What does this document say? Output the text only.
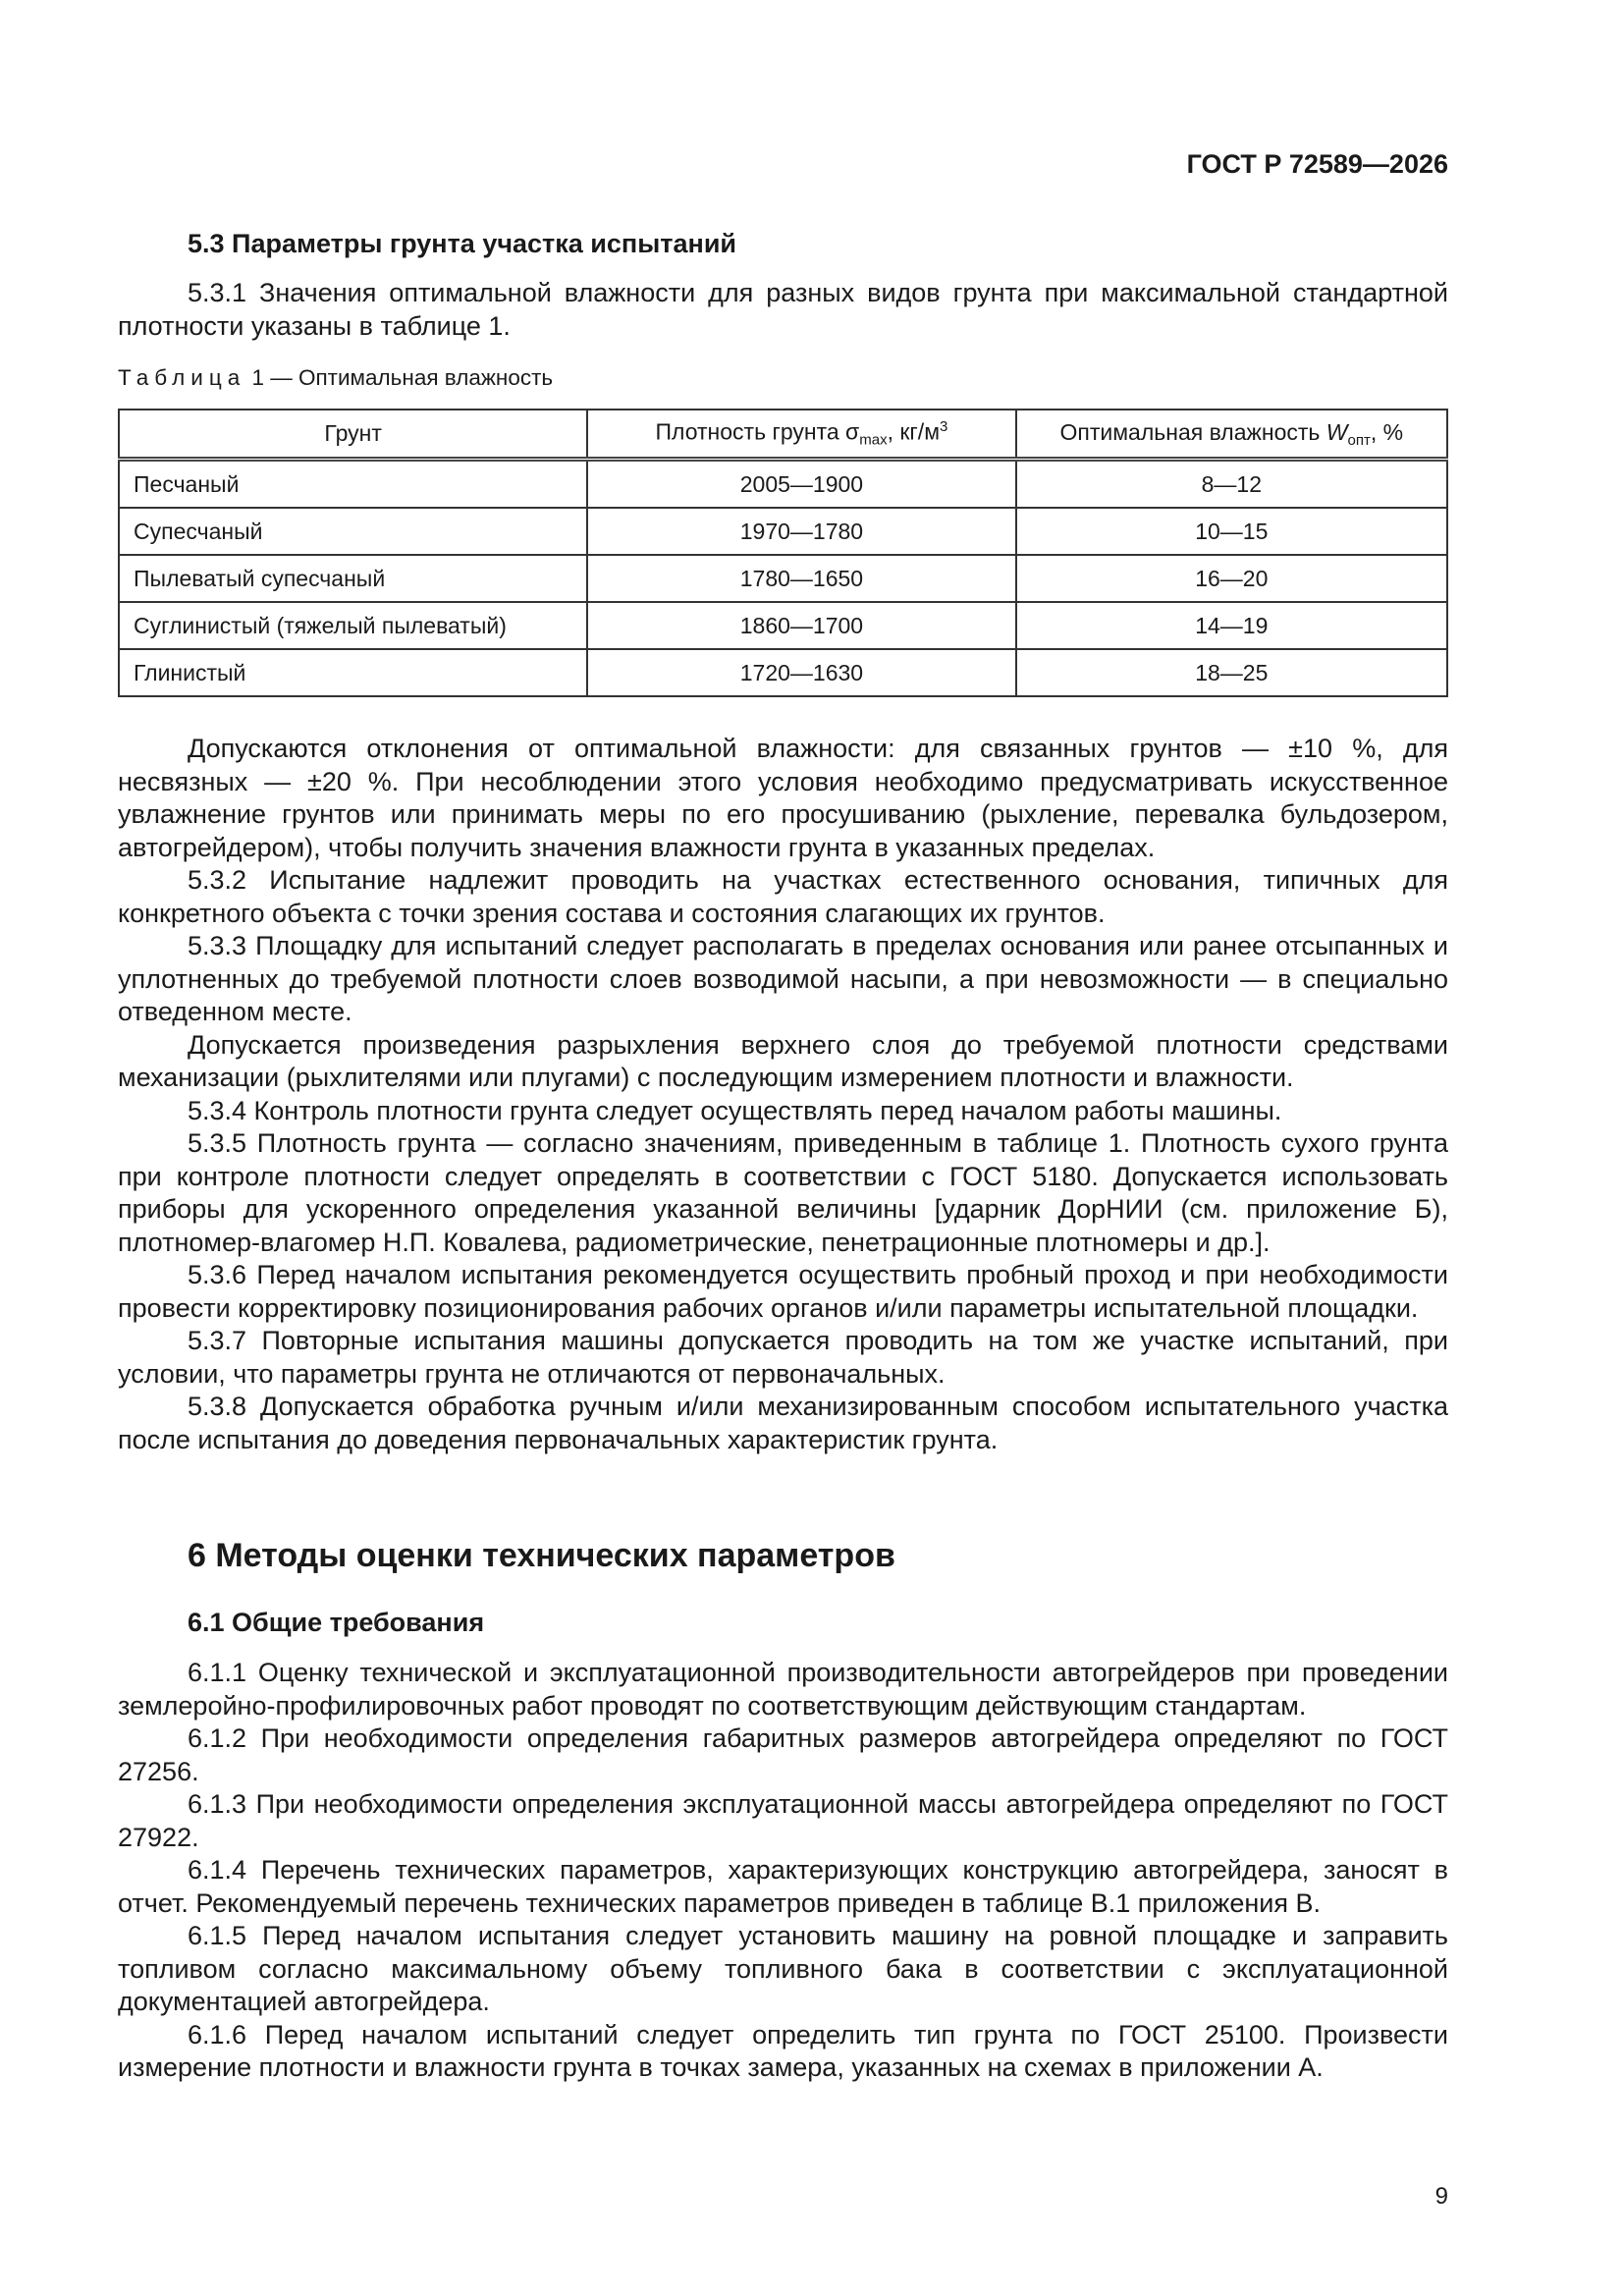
ГОСТ Р 72589—2026

5.3 Параметры грунта участка испытаний

5.3.1 Значения оптимальной влажности для разных видов грунта при максимальной стандартной плотности указаны в таблице 1.

Таблица 1 — Оптимальная влажность

Грунт	Плотность грунта $\sigma_{max}$, $кг/м^3$	Оптимальная влажность $W_{опт}$, %
Песчаный	2005—1900	8—12
Супесчаный	1970—1780	10—15
Пылеватый супесчаный	1780—1650	16—20
Суглинистый (тяжелый пылеватый)	1860—1700	14—19
Глинистый	1720—1630	18—25

Допускаются отклонения от оптимальной влажности: для связанных грунтов — ±10 %, для несвязных — ±20 %. При несоблюдении этого условия необходимо предусматривать искусственное увлажнение грунтов или принимать меры по его просушиванию (рыхление, перевалка бульдозером, автогрейдером), чтобы получить значения влажности грунта в указанных пределах.

5.3.2 Испытание надлежит проводить на участках естественного основания, типичных для конкретного объекта с точки зрения состава и состояния слагающих их грунтов.

5.3.3 Площадку для испытаний следует располагать в пределах основания или ранее отсыпанных и уплотненных до требуемой плотности слоев возводимой насыпи, а при невозможности — в специально отведенном месте.

Допускается произведения разрыхления верхнего слоя до требуемой плотности средствами механизации (рыхлителями или плугами) с последующим измерением плотности и влажности.

5.3.4 Контроль плотности грунта следует осуществлять перед началом работы машины.

5.3.5 Плотность грунта — согласно значениям, приведенным в таблице 1. Плотность сухого грунта при контроле плотности следует определять в соответствии с ГОСТ 5180. Допускается использовать приборы для ускоренного определения указанной величины [ударник ДорНИИ (см. приложение Б), плотномер-влагомер Н.П. Ковалева, радиометрические, пенетрационные плотномеры и др.].

5.3.6 Перед началом испытания рекомендуется осуществить пробный проход и при необходимости провести корректировку позиционирования рабочих органов и/или параметры испытательной площадки.

5.3.7 Повторные испытания машины допускается проводить на том же участке испытаний, при условии, что параметры грунта не отличаются от первоначальных.

5.3.8 Допускается обработка ручным и/или механизированным способом испытательного участка после испытания до доведения первоначальных характеристик грунта.

6 Методы оценки технических параметров

6.1 Общие требования

6.1.1 Оценку технической и эксплуатационной производительности автогрейдеров при проведении землеройно-профилировочных работ проводят по соответствующим действующим стандартам.

6.1.2 При необходимости определения габаритных размеров автогрейдера определяют по ГОСТ 27256.

6.1.3 При необходимости определения эксплуатационной массы автогрейдера определяют по ГОСТ 27922.

6.1.4 Перечень технических параметров, характеризующих конструкцию автогрейдера, заносят в отчет. Рекомендуемый перечень технических параметров приведен в таблице В.1 приложения В.

6.1.5 Перед началом испытания следует установить машину на ровной площадке и заправить топливом согласно максимальному объему топливного бака в соответствии с эксплуатационной документацией автогрейдера.

6.1.6 Перед началом испытаний следует определить тип грунта по ГОСТ 25100. Произвести измерение плотности и влажности грунта в точках замера, указанных на схемах в приложении А.

9
